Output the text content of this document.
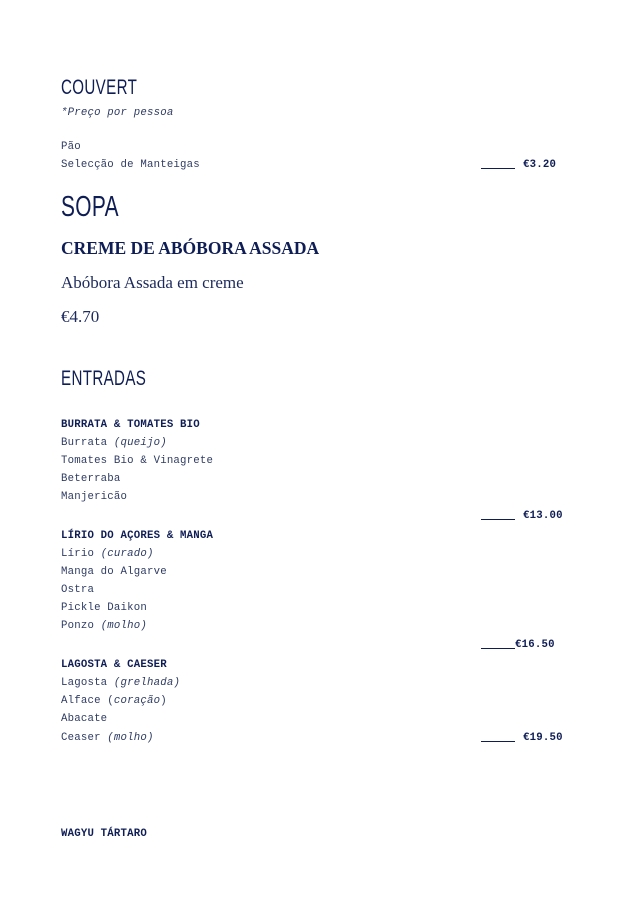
COUVERT
*Preço por pessoa
Pão
Selecção de Manteigas	€3.20
SOPA
CREME DE ABÓBORA ASSADA
Abóbora Assada em creme
€4.70
ENTRADAS
BURRATA & TOMATES BIO
Burrata (queijo)
Tomates Bio & Vinagrete
Beterraba
Manjericão
€13.00
LÍRIO DO AÇORES & MANGA
Lírio (curado)
Manga do Algarve
Ostra
Pickle Daikon
Ponzo (molho)
€16.50
LAGOSTA & CAESER
Lagosta (grelhada)
Alface (coração)
Abacate
Ceaser (molho)	€19.50
WAGYU TÁRTARO
